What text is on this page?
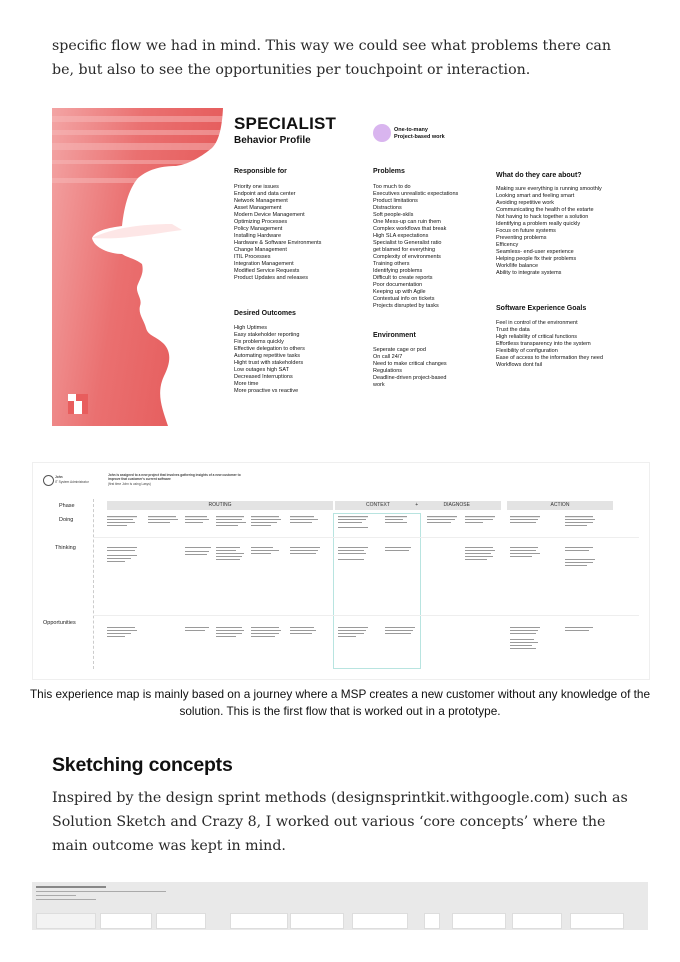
specific flow we had in mind. This way we could see what problems there can be, but also to see the opportunities per touchpoint or interaction.

SPECIALIST
Behavior Profile
One-to-many
Project-based work
Responsible for
Priority one issues
Endpoint and data center
Network Management
Asset Management
Modern Device Management
Optimizing Processes
Policy Management
Installing Hardware
Hardware & Software Environments
Change Management
ITIL Processes
Integration Management
Modified Service Requests
Product Updates and releases
Desired Outcomes
High Uptimes
Easy stakeholder reporting
Fix problems quickly
Effective delegation to others
Automating repetitive tasks
Hight trust with stakeholders
Low outages high SAT
Decreased Interruptions
More time
More proactive vs reactive
Problems
Too much to do
Executives unrealistic expectations
Product limitations
Distractions
Soft people-skils
One Mess-up can ruin them
Complex workflows that break
High SLA expectations
Specialist to Generalist ratio
get blamed for everything
Complexity of environments
Training others
Identifying problems
Difficult to create reports
Poor documentation
Keeping up with Agile
Contextual info on tickets
Projects disrupted by tasks
Environment
Seperate cage or pod
On call 24/7
Need to make critical changes
Regulations
Deadline-driven project-based
work
What do they care about?
Making sure everything is running smoothly
Looking smart and feeling smart
Avoiding repetitive work
Communicating the health of the estarte
Not having to hack together a solution
Identifying a problem really quickly
Focus on future systems
Preventing problems
Efficency
Seamless- end-user experience
Helping people fix their problems
Work/life balance
Ability to integrate systems
Software Experience Goals
Feel in control of the environment
Trust the data
High reliability of critical functions
Effortless transparency into the system
Flexibility of configuration
Ease of access to the information they need
Workflows dont fail
John
IT System Administrator
John is assigned to a new project that involves gathering insights of a new customer to improve that customer's current software
(first time John is using Lasys)
Phase
Doing
Thinking
Opportunities
ROUTING	CONTEXT	+	DIAGNOSE	ACTION

This experience map is mainly based on a journey where a MSP creates a new customer without any knowledge of the solution. This is the first flow that is worked out in a prototype.

Sketching concepts

Inspired by the design sprint methods (designsprintkit.withgoogle.com) such as Solution Sketch and Crazy 8, I worked out various ‘core concepts’ where the main outcome was kept in mind.
